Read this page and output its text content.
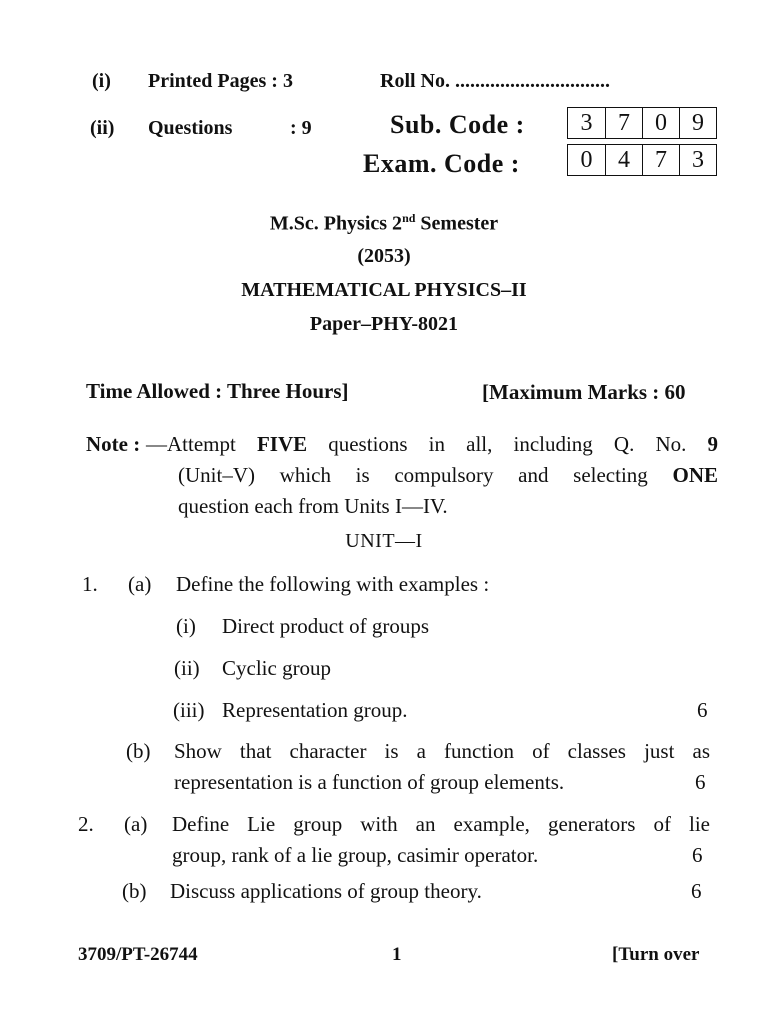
(i) Printed Pages : 3	Roll No. ...............................
(ii) Questions	: 9	Sub. Code :	3	7	0	9
Exam. Code :	0	4	7	3
M.Sc. Physics 2nd Semester
(2053)
MATHEMATICAL PHYSICS–II
Paper–PHY-8021
Time Allowed : Three Hours]	[Maximum Marks : 60
Note : —Attempt FIVE questions in all, including Q. No. 9
(Unit–V) which is compulsory and selecting ONE
question each from Units I—IV.
UNIT—I
1. (a) Define the following with examples :
(i) Direct product of groups
(ii) Cyclic group
(iii) Representation group.	6
(b) Show that character is a function of classes just as
representation is a function of group elements.	6
2. (a) Define Lie group with an example, generators of lie
group, rank of a lie group, casimir operator.	6
(b) Discuss applications of group theory.	6
3709/PT-26744	1	[Turn over
